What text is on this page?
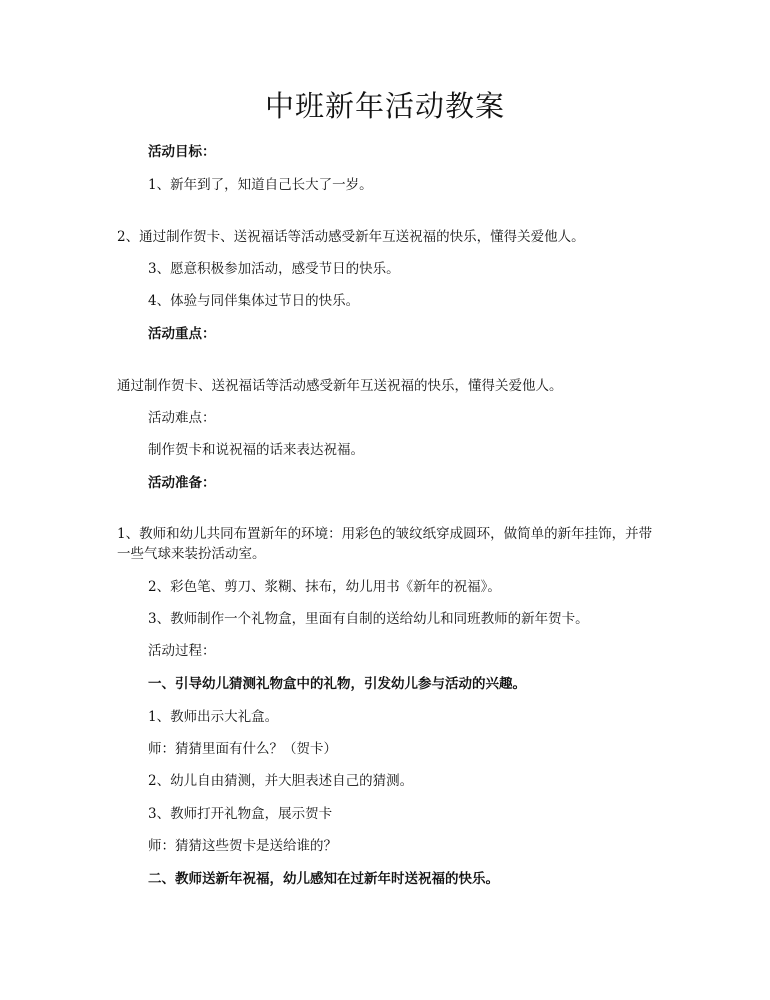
中班新年活动教案

活动目标：

1、新年到了，知道自己长大了一岁。

2、通过制作贺卡、送祝福话等活动感受新年互送祝福的快乐，懂得关爱他人。

3、愿意积极参加活动，感受节日的快乐。

4、体验与同伴集体过节日的快乐。

活动重点：

通过制作贺卡、送祝福话等活动感受新年互送祝福的快乐，懂得关爱他人。

活动难点：

制作贺卡和说祝福的话来表达祝福。

活动准备：

1、教师和幼儿共同布置新年的环境：用彩色的皱纹纸穿成圆环，做简单的新年挂饰，并带一些气球来装扮活动室。

2、彩色笔、剪刀、浆糊、抹布，幼儿用书《新年的祝福》。

3、教师制作一个礼物盒，里面有自制的送给幼儿和同班教师的新年贺卡。

活动过程：

一、引导幼儿猜测礼物盒中的礼物，引发幼儿参与活动的兴趣。

1、教师出示大礼盒。

师：猜猜里面有什么？（贺卡）

2、幼儿自由猜测，并大胆表述自己的猜测。

3、教师打开礼物盒，展示贺卡

师：猜猜这些贺卡是送给谁的？

二、教师送新年祝福，幼儿感知在过新年时送祝福的快乐。
